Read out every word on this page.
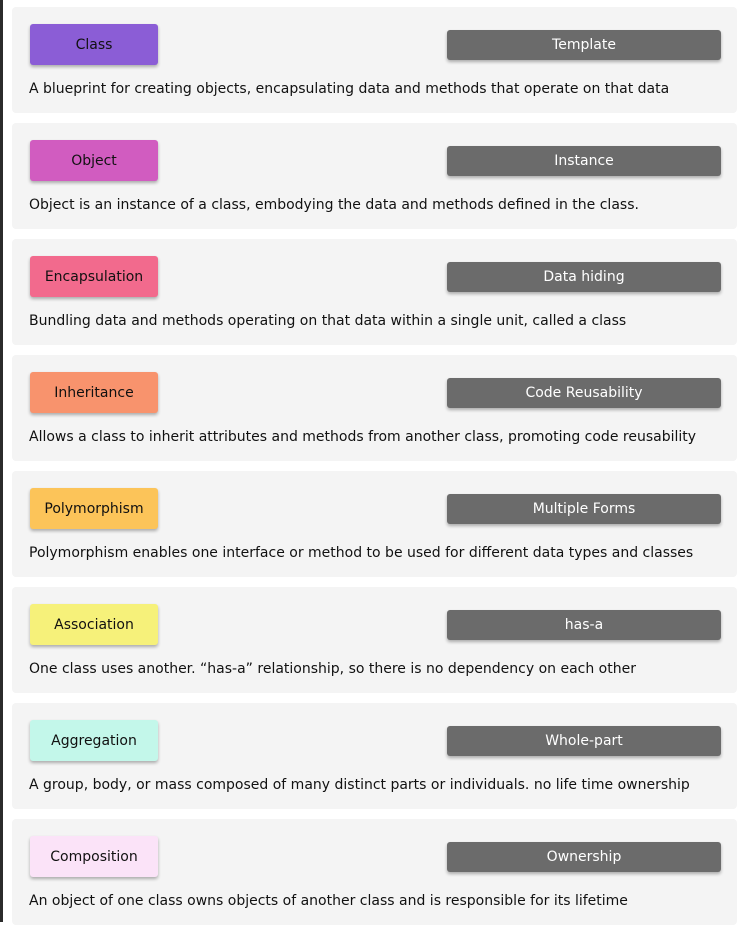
Class	Template
A blueprint for creating objects, encapsulating data and methods that operate on that data
Object	Instance
Object is an instance of a class, embodying the data and methods defined in the class.
Encapsulation	Data hiding
Bundling data and methods operating on that data within a single unit, called a class
Inheritance	Code Reusability
Allows a class to inherit attributes and methods from another class, promoting code reusability
Polymorphism	Multiple Forms
Polymorphism enables one interface or method to be used for different data types and classes
Association	has-a
One class uses another. “has-a” relationship, so there is no dependency on each other
Aggregation	Whole-part
A group, body, or mass composed of many distinct parts or individuals. no life time ownership
Composition	Ownership
An object of one class owns objects of another class and is responsible for its lifetime
